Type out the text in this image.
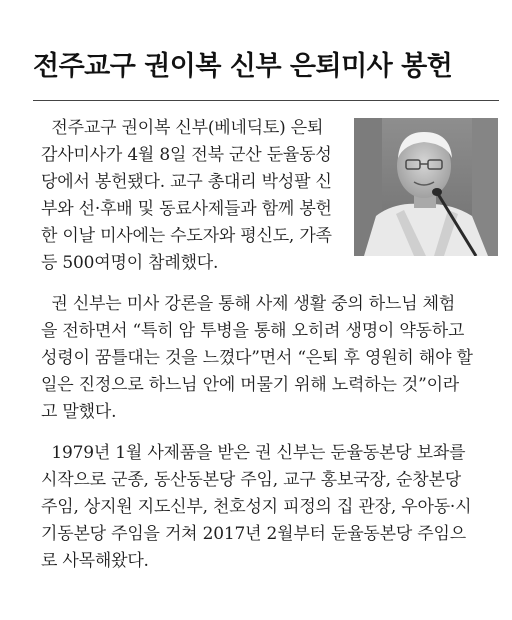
전주교구 권이복 신부 은퇴미사 봉헌

전주교구 권이복 신부(베네딕토) 은퇴

감사미사가 4월 8일 전북 군산 둔율동성

당에서 봉헌됐다. 교구 총대리 박성팔 신

부와 선·후배 및 동료사제들과 함께 봉헌

한 이날 미사에는 수도자와 평신도, 가족

등 500여명이 참례했다.

권 신부는 미사 강론을 통해 사제 생활 중의 하느님 체험

을 전하면서 “특히 암 투병을 통해 오히려 생명이 약동하고

성령이 꿈틀대는 것을 느꼈다”면서 “은퇴 후 영원히 해야 할

일은 진정으로 하느님 안에 머물기 위해 노력하는 것”이라

고 말했다.

1979년 1월 사제품을 받은 권 신부는 둔율동본당 보좌를

시작으로 군종, 동산동본당 주임, 교구 홍보국장, 순창본당

주임, 상지원 지도신부, 천호성지 피정의 집 관장, 우아동·시

기동본당 주임을 거쳐 2017년 2월부터 둔율동본당 주임으

로 사목해왔다.
